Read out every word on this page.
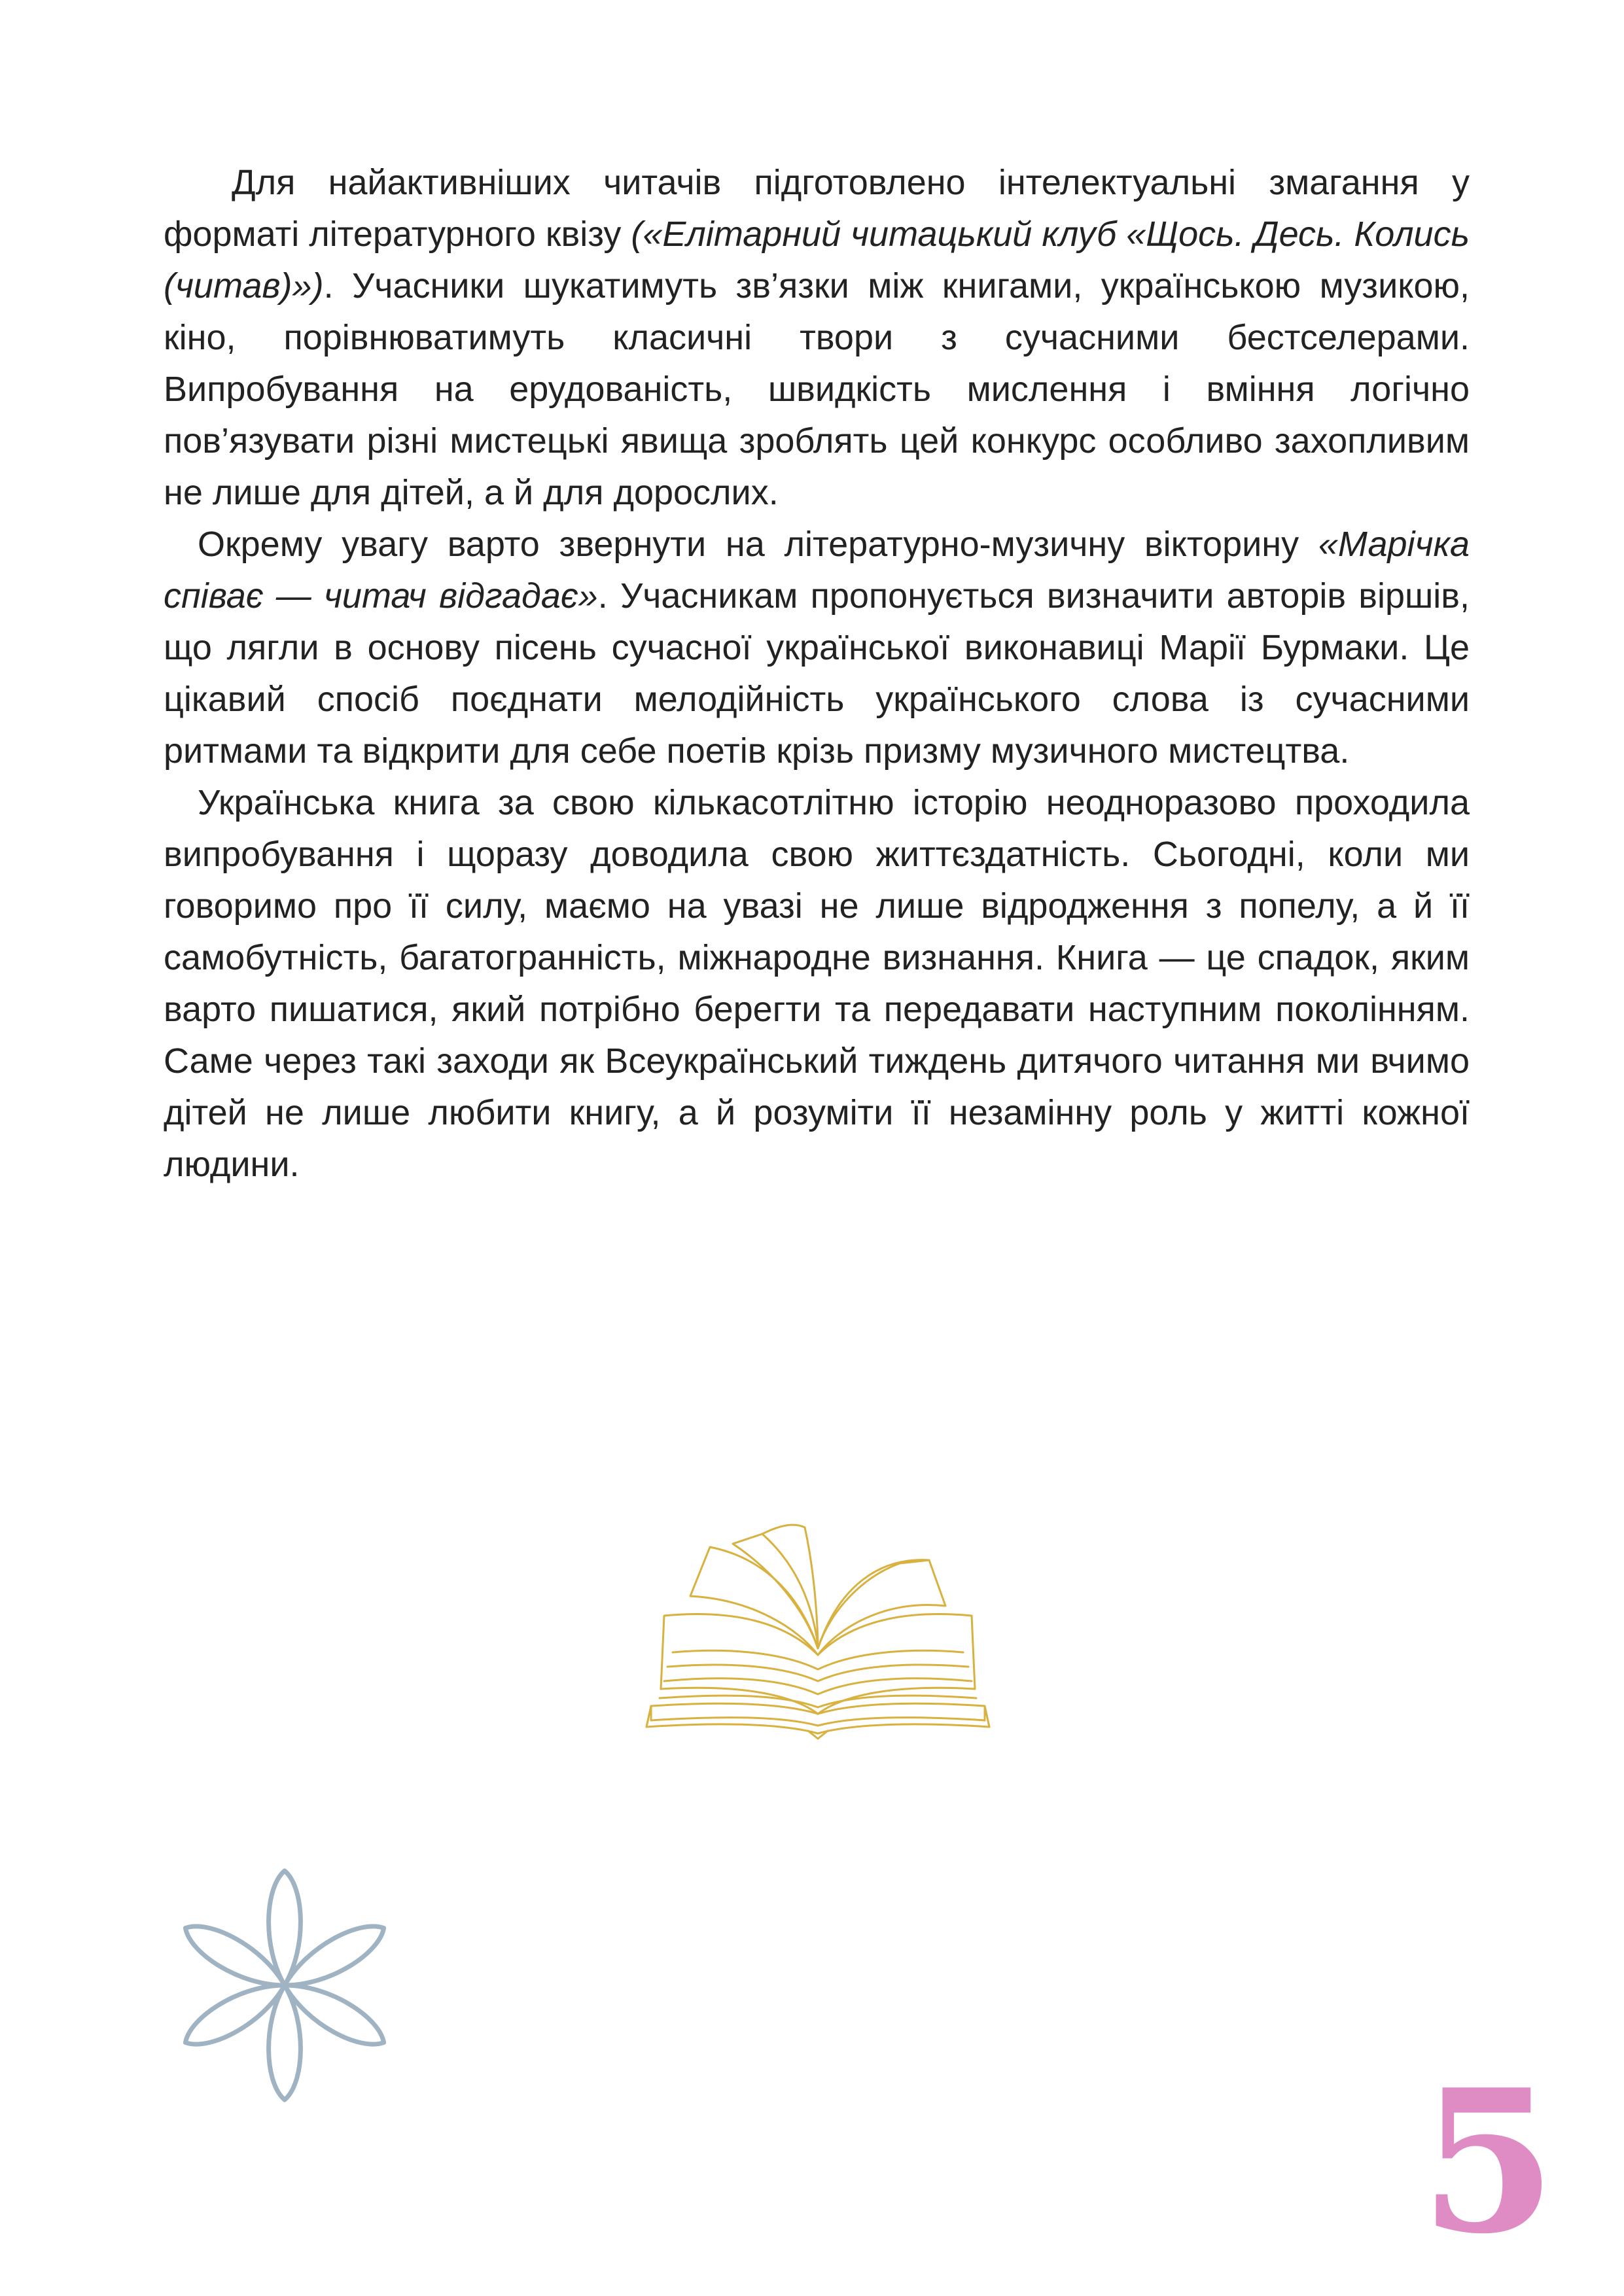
Для найактивніших читачів підготовлено інтелектуальні змагання у форматі літературного квізу («Елітарний читацький клуб «Щось. Десь. Колись (читав)»). Учасники шукатимуть зв’язки між книгами, українською музикою, кіно, порівнюватимуть класичні твори з сучасними бестселерами. Випробування на ерудованість, швидкість мислення і вміння логічно пов’язувати різні мистецькі явища зроблять цей конкурс особливо захопливим не лише для дітей, а й для дорослих.

Окрему увагу варто звернути на літературно-музичну вікторину «Марічка співає — читач відгадає». Учасникам пропонується визначити авторів віршів, що лягли в основу пісень сучасної української виконавиці Марії Бурмаки. Це цікавий спосіб поєднати мелодійність українського слова із сучасними ритмами та відкрити для себе поетів крізь призму музичного мистецтва.

Українська книга за свою кількасотлітню історію неодноразово проходила випробування і щоразу доводила свою життєздатність. Сьогодні, коли ми говоримо про її силу, маємо на увазі не лише відродження з попелу, а й її самобутність, багатогранність, міжнародне визнання. Книга — це спадок, яким варто пишатися, який потрібно берегти та передавати наступним поколінням. Саме через такі заходи як Всеукраїнський тиждень дитячого читання ми вчимо дітей не лише любити книгу, а й розуміти її незамінну роль у житті кожної людини.

5
